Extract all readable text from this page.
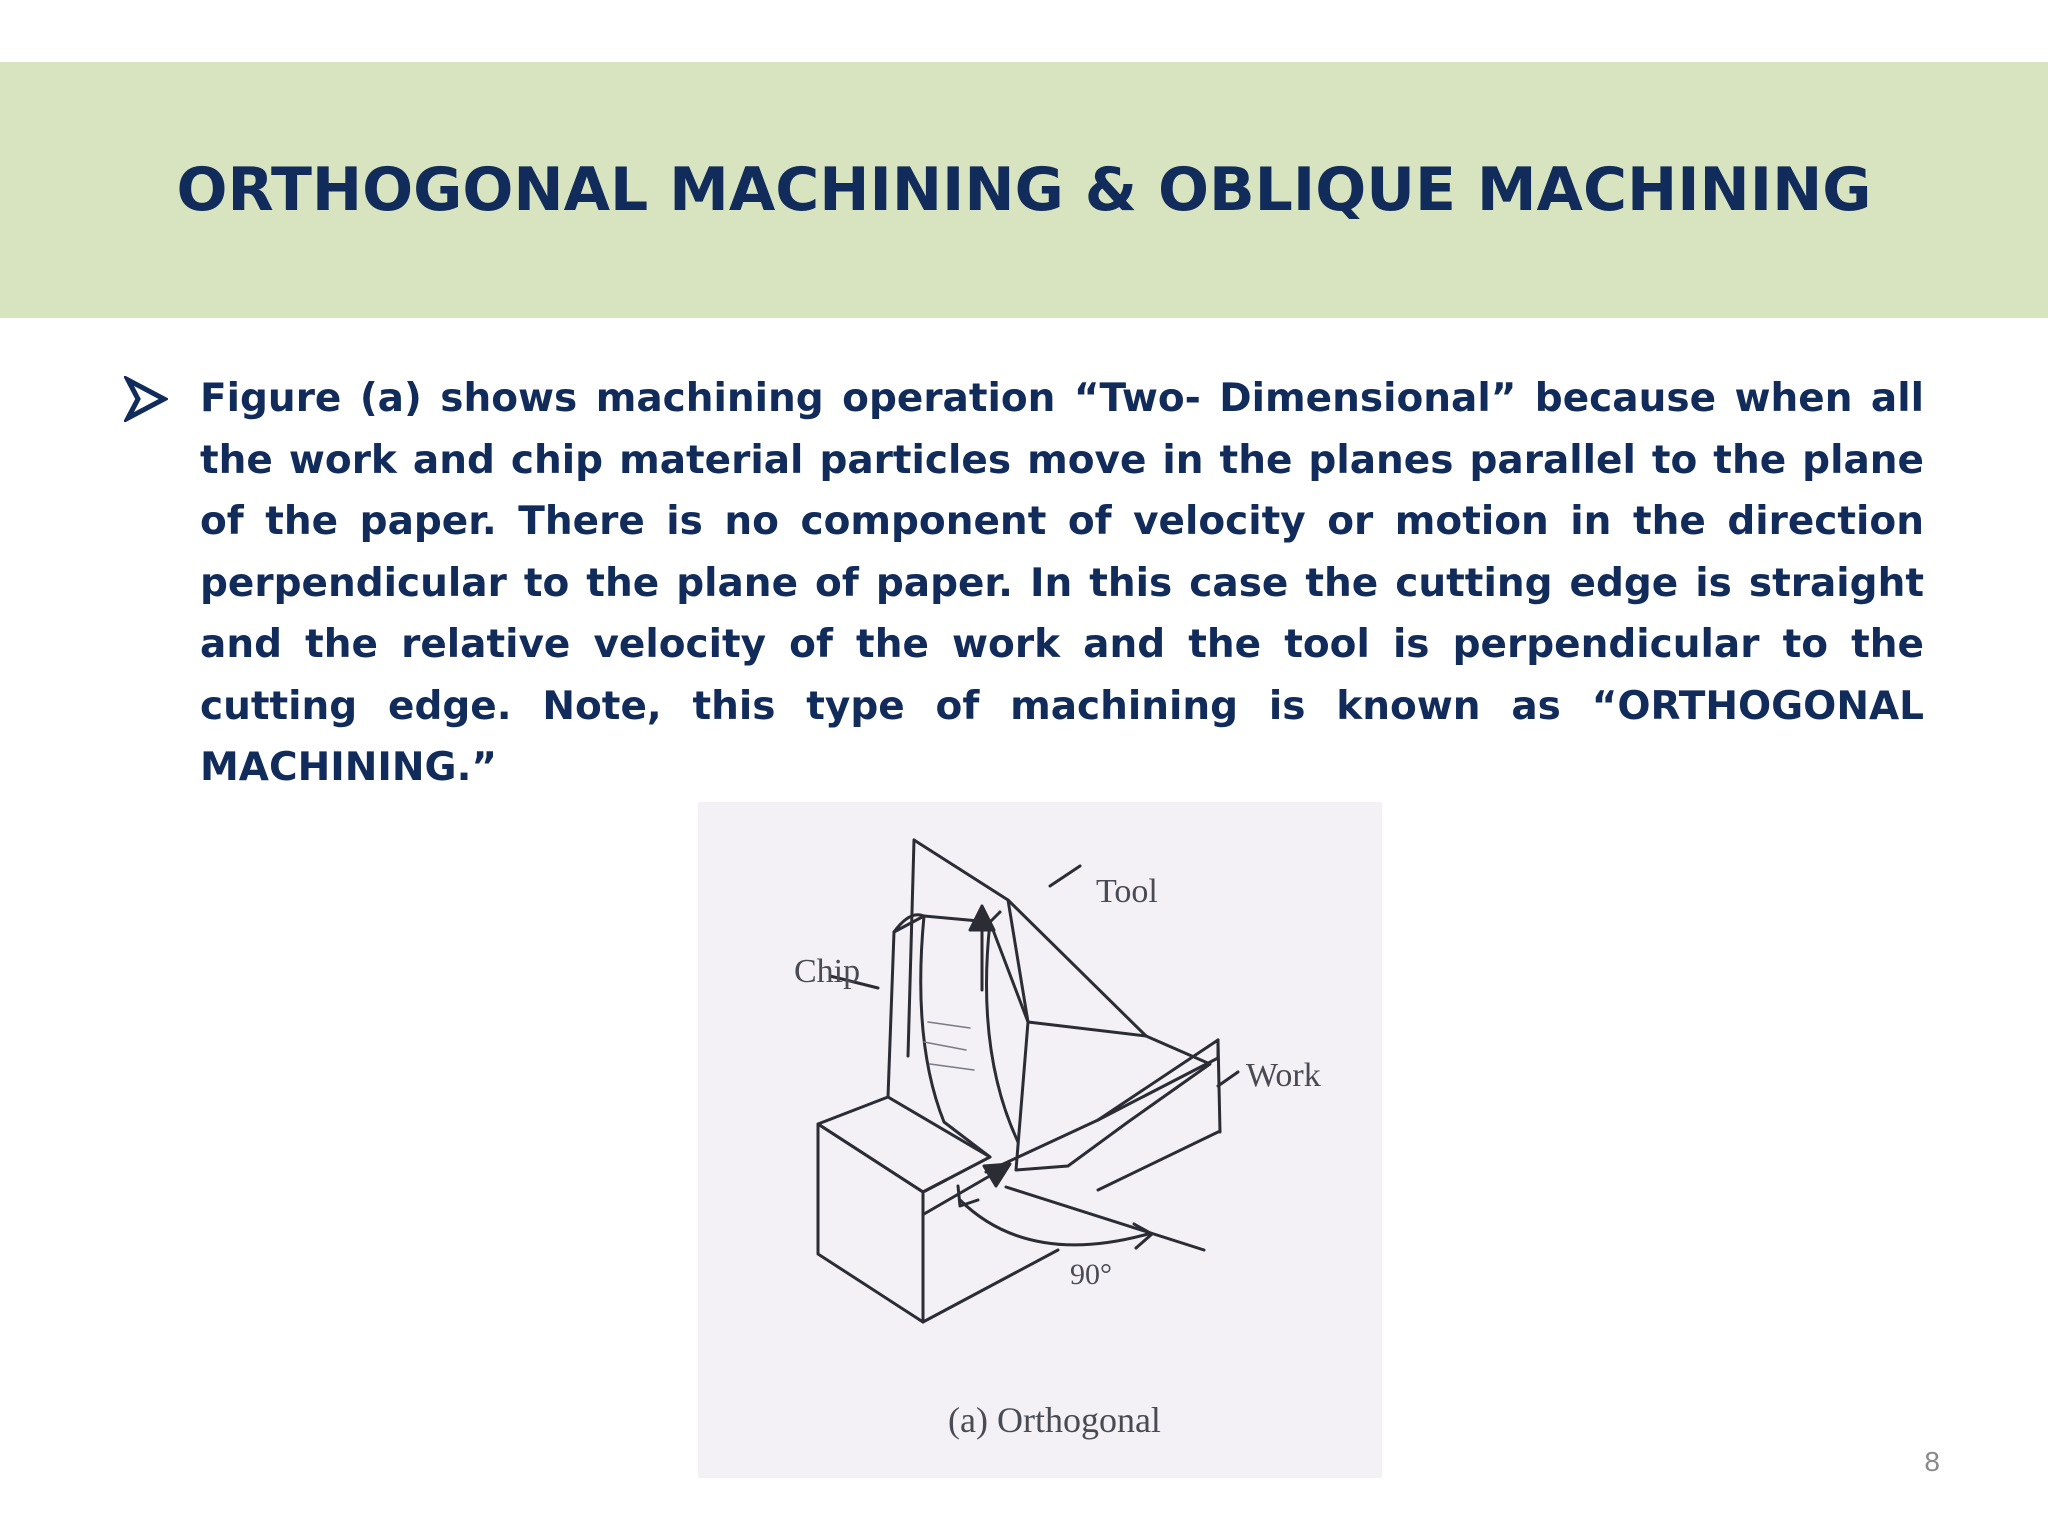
ORTHOGONAL MACHINING & OBLIQUE MACHINING
Figure (a) shows machining operation “Two- Dimensional” because when all the work and chip material particles move in the planes parallel to the plane of the paper. There is no component of velocity or motion in the direction perpendicular to the plane of paper. In this case the cutting edge is straight and the relative velocity of the work and the tool is perpendicular to the cutting edge. Note, this type of machining is known as “ORTHOGONAL MACHINING.”
Tool
Chip
Work
90°
(a) Orthogonal
8
